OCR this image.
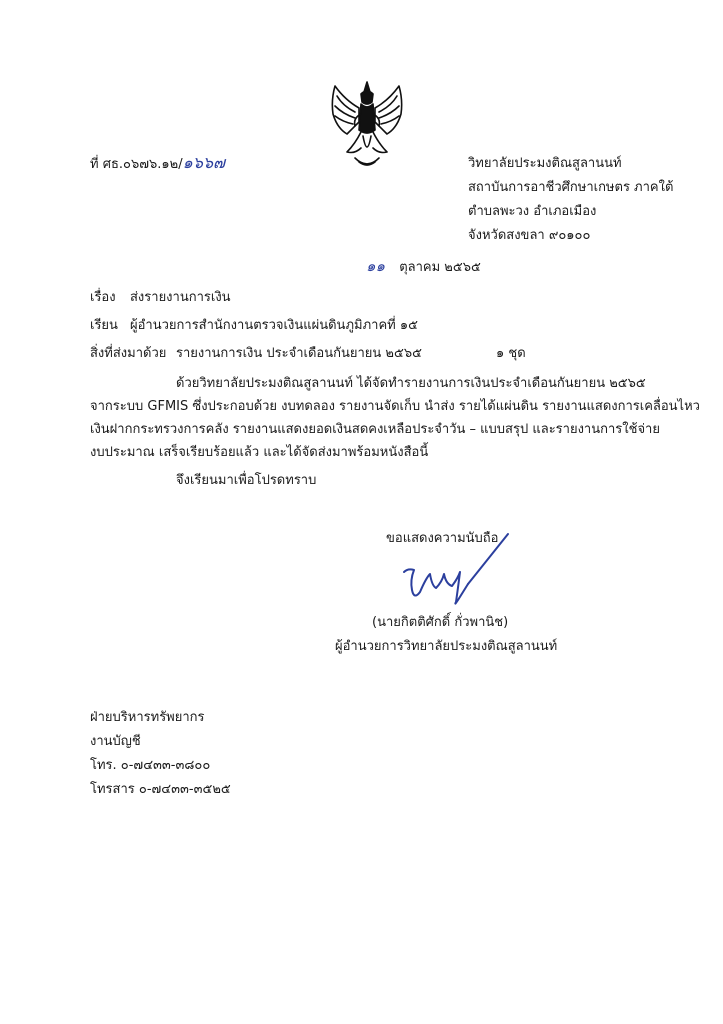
ที่ ศธ.๐๖๗๖.๑๒/๑๖๖๗	วิทยาลัยประมงติณสูลานนท์
สถาบันการอาชีวศึกษาเกษตร ภาคใต้
ตำบลพะวง อำเภอเมือง
จังหวัดสงขลา ๙๐๑๐๐
๑๑ ตุลาคม ๒๕๖๕
เรื่อง ส่งรายงานการเงิน
เรียน ผู้อำนวยการสำนักงานตรวจเงินแผ่นดินภูมิภาคที่ ๑๕
สิ่งที่ส่งมาด้วย รายงานการเงิน ประจำเดือนกันยายน ๒๕๖๕	๑ ชุด
ด้วยวิทยาลัยประมงติณสูลานนท์ ได้จัดทำรายงานการเงินประจำเดือนกันยายน ๒๕๖๕
จากระบบ GFMIS ซึ่งประกอบด้วย งบทดลอง รายงานจัดเก็บ นำส่ง รายได้แผ่นดิน รายงานแสดงการเคลื่อนไหว
เงินฝากกระทรวงการคลัง รายงานแสดงยอดเงินสดคงเหลือประจำวัน – แบบสรุป และรายงานการใช้จ่าย
งบประมาณ เสร็จเรียบร้อยแล้ว และได้จัดส่งมาพร้อมหนังสือนี้
จึงเรียนมาเพื่อโปรดทราบ
ขอแสดงความนับถือ
(นายกิตติศักดิ์ กั่วพานิช)
ผู้อำนวยการวิทยาลัยประมงติณสูลานนท์
ฝ่ายบริหารทรัพยากร
งานบัญชี
โทร. ๐-๗๔๓๓-๓๘๐๐
โทรสาร ๐-๗๔๓๓-๓๕๒๕
